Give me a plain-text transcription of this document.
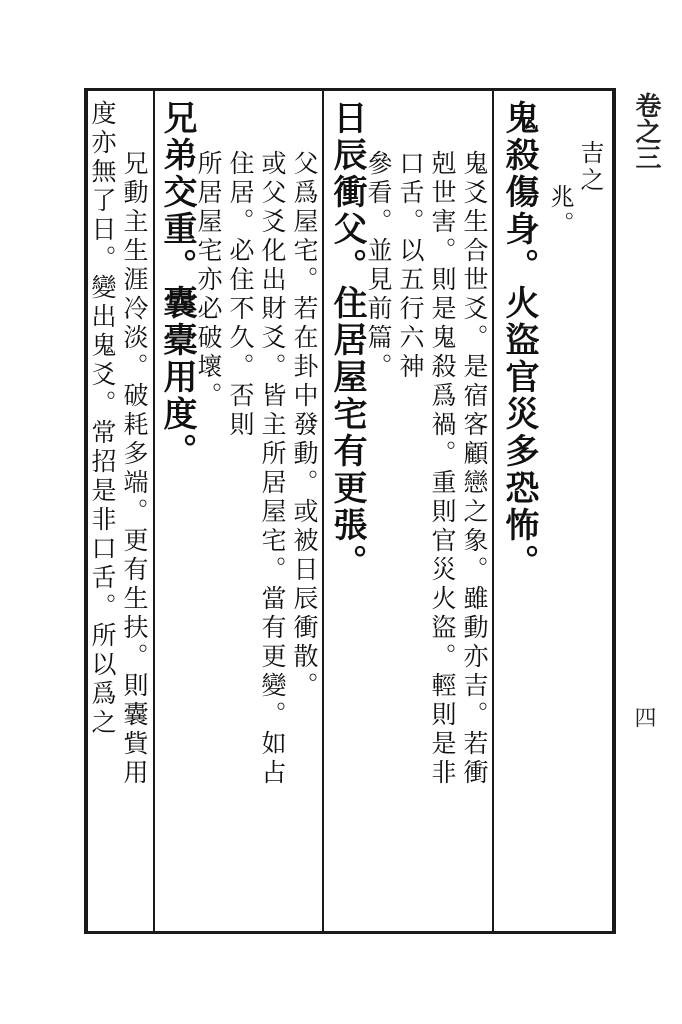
卷之三
四
吉之
兆。
鬼殺傷身。火盜官災多恐怖。
鬼爻生合世爻。是宿客顧戀之象。雖動亦吉。若衝
剋世害。則是鬼殺爲禍。重則官災火盜。輕則是非
口舌。以五行六神
參看。並見前篇。
日辰衝父。住居屋宅有更張。
父爲屋宅。若在卦中發動。或被日辰衝散。
或父爻化出財爻。皆主所居屋宅。當有更變。如占
住居。必住不久。否則
所居屋宅亦必破壞。
兄弟交重。囊橐用度。
兄動主生涯冷淡。破耗多端。更有生扶。則囊貲用
度亦無了日。變出鬼爻。常招是非口舌。所以爲之
